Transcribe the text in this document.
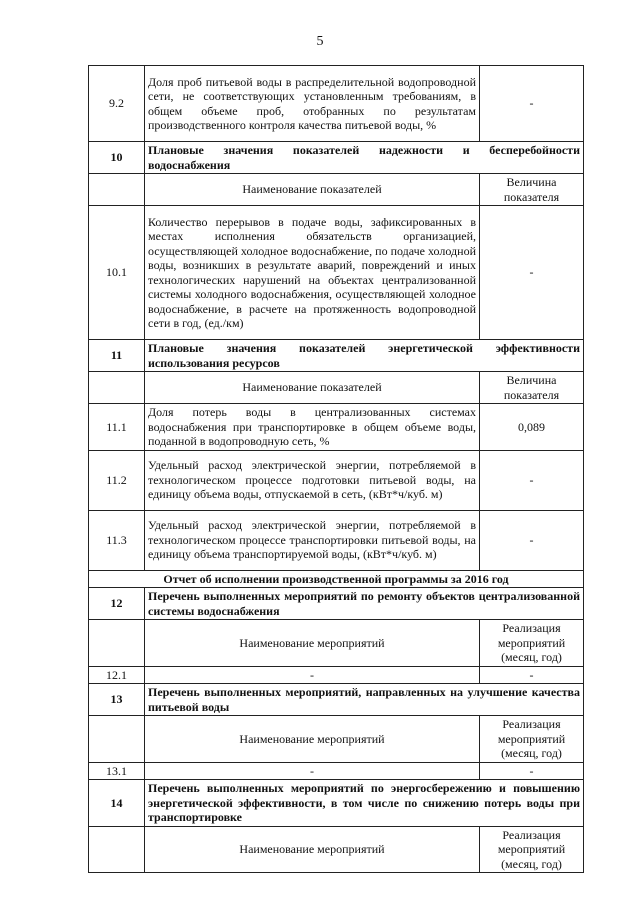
5
9.2	Доля проб питьевой воды в распределительной водопроводной сети, не соответствующих установленным требованиям, в общем объеме проб, отобранных по результатам производственного контроля качества питьевой воды, %	-
10	Плановые значения показателей надежности и бесперебойности водоснабжения	
	Наименование показателей	Величина показателя
10.1	Количество перерывов в подаче воды, зафиксированных в местах исполнения обязательств организацией, осуществляющей холодное водоснабжение, по подаче холодной воды, возникших в результате аварий, повреждений и иных технологических нарушений на объектах централизованной системы холодного водоснабжения, осуществляющей холодное водоснабжение, в расчете на протяженность водопроводной сети в год, (ед./км)	-
11	Плановые значения показателей энергетической эффективности использования ресурсов	
	Наименование показателей	Величина показателя
11.1	Доля потерь воды в централизованных системах водоснабжения при транспортировке в общем объеме воды, поданной в водопроводную сеть, %	0,089
11.2	Удельный расход электрической энергии, потребляемой в технологическом процессе подготовки питьевой воды, на единицу объема воды, отпускаемой в сеть, (кВт*ч/куб. м)	-
11.3	Удельный расход электрической энергии, потребляемой в технологическом процессе транспортировки питьевой воды, на единицу объема транспортируемой воды, (кВт*ч/куб. м)	-
Отчет об исполнении производственной программы за 2016 год		
12	Перечень выполненных мероприятий по ремонту объектов централизованной системы водоснабжения	
	Наименование мероприятий	Реализация мероприятий (месяц, год)
12.1	-	-
13	Перечень выполненных мероприятий, направленных на улучшение качества питьевой воды	
	Наименование мероприятий	Реализация мероприятий (месяц, год)
13.1	-	-
14	Перечень выполненных мероприятий по энергосбережению и повышению энергетической эффективности, в том числе по снижению потерь воды при транспортировке	
	Наименование мероприятий	Реализация мероприятий (месяц, год)
